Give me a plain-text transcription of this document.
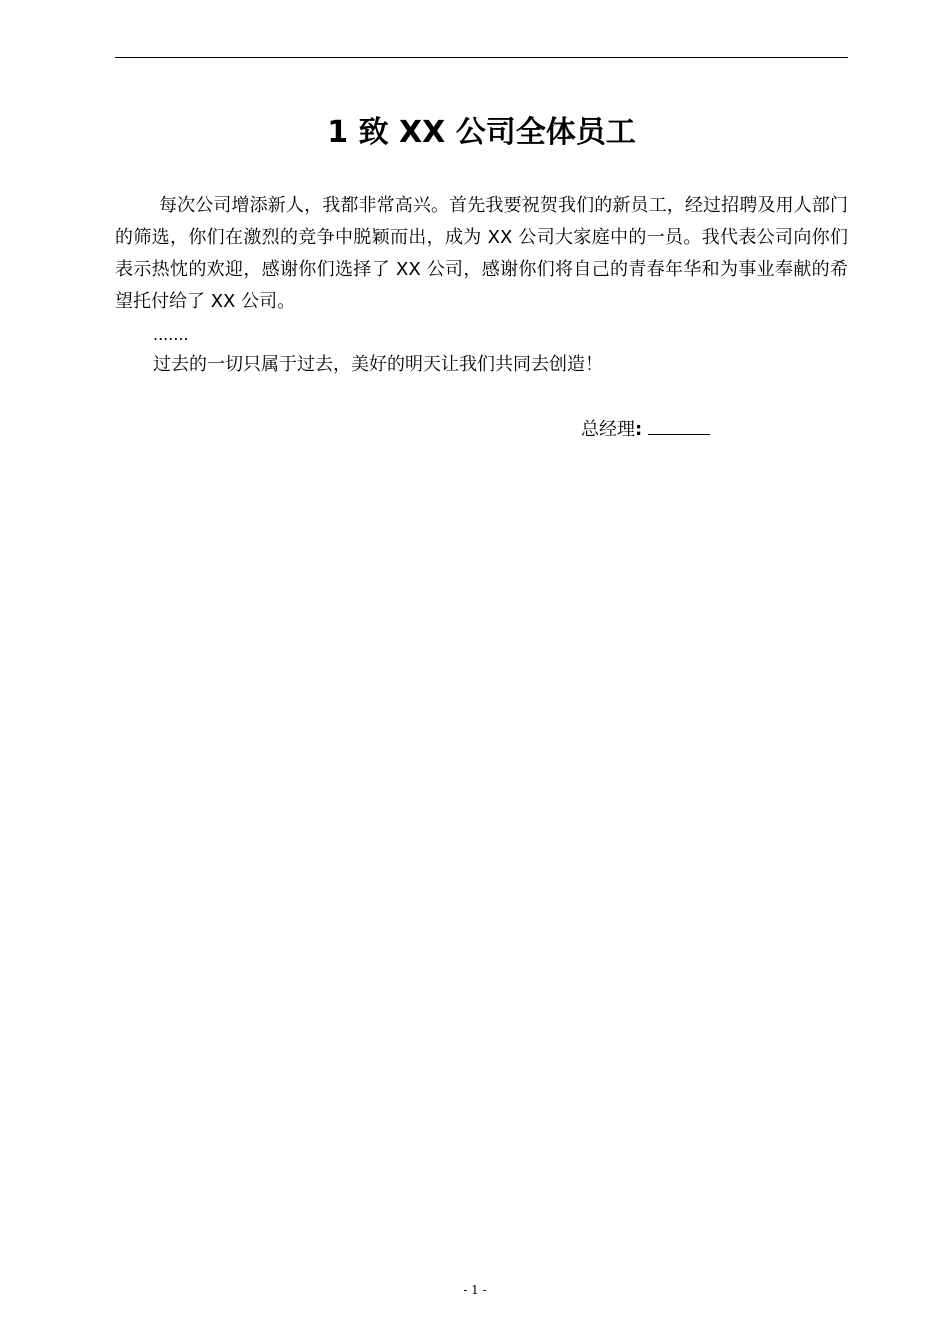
1 致 XX 公司全体员工

每次公司增添新人，我都非常高兴。首先我要祝贺我们的新员工，经过招聘及用人部门的筛选，你们在激烈的竞争中脱颖而出，成为 XX 公司大家庭中的一员。我代表公司向你们表示热忱的欢迎，感谢你们选择了 XX 公司，感谢你们将自己的青春年华和为事业奉献的希望托付给了 XX 公司。

.......

过去的一切只属于过去，美好的明天让我们共同去创造！

总经理:
- 1 -
